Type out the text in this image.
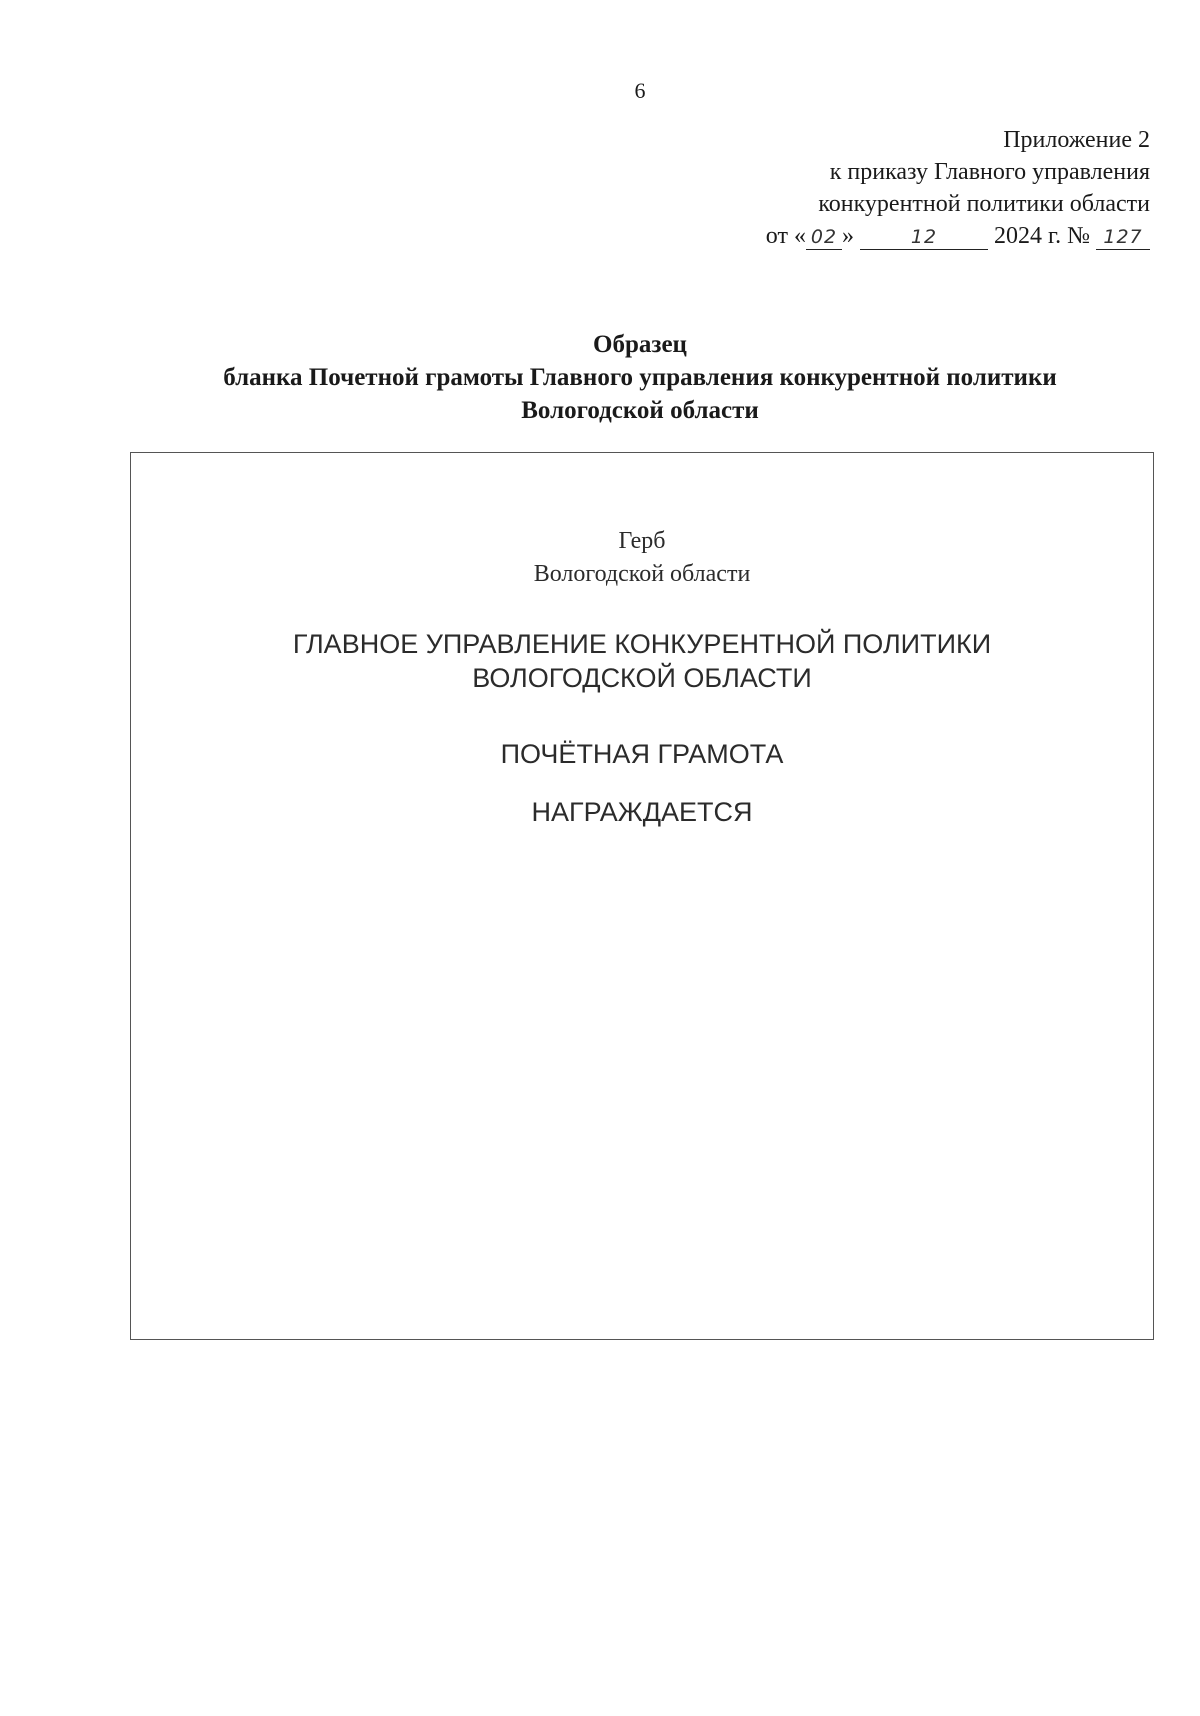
6
Приложение 2
к приказу Главного управления
конкурентной политики области
от « 02 »	12 2024 г. № 127
Образец
бланка Почетной грамоты Главного управления конкурентной политики
Вологодской области
Герб
Вологодской области
ГЛАВНОЕ УПРАВЛЕНИЕ КОНКУРЕНТНОЙ ПОЛИТИКИ
ВОЛОГОДСКОЙ ОБЛАСТИ
ПОЧЁТНАЯ ГРАМОТА
НАГРАЖДАЕТСЯ
